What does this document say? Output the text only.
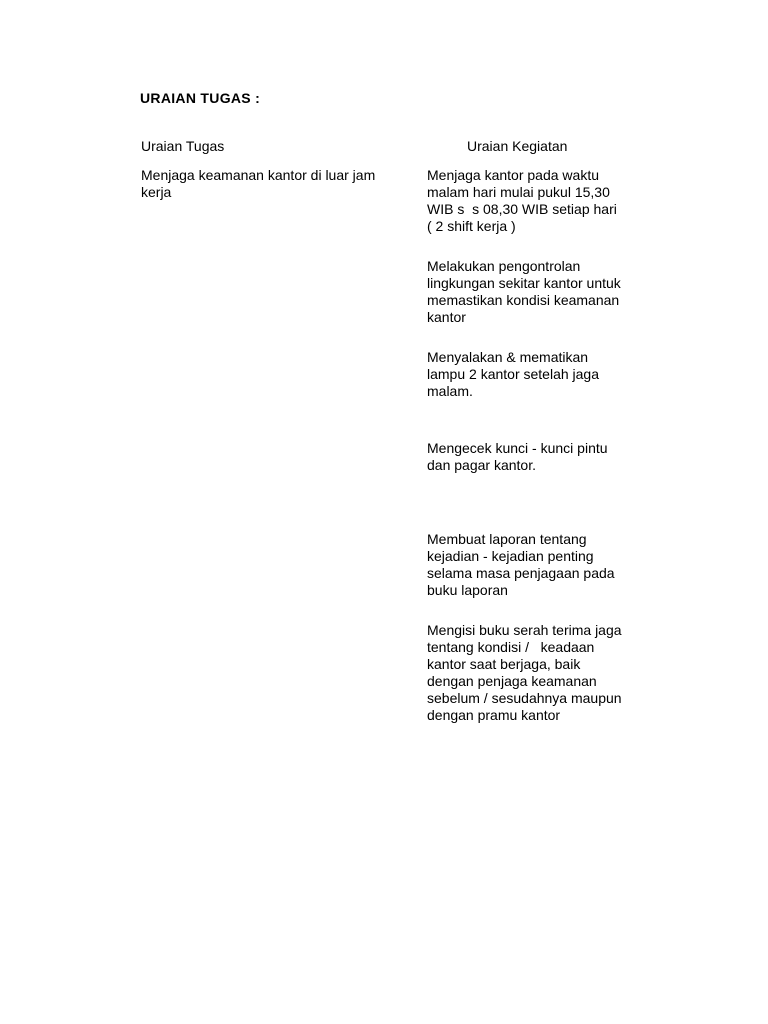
URAIAN TUGAS :
Uraian Tugas	Uraian Kegiatan
Menjaga keamanan kantor di luar jam
kerja
Menjaga kantor pada waktu
malam hari mulai pukul 15,30
WIB s  s 08,30 WIB setiap hari
( 2 shift kerja )
Melakukan pengontrolan
lingkungan sekitar kantor untuk
memastikan kondisi keamanan
kantor
Menyalakan & mematikan
lampu 2 kantor setelah jaga
malam.
Mengecek kunci - kunci pintu
dan pagar kantor.
Membuat laporan tentang
kejadian - kejadian penting
selama masa penjagaan pada
buku laporan
Mengisi buku serah terima jaga
tentang kondisi /   keadaan
kantor saat berjaga, baik
dengan penjaga keamanan
sebelum / sesudahnya maupun
dengan pramu kantor
